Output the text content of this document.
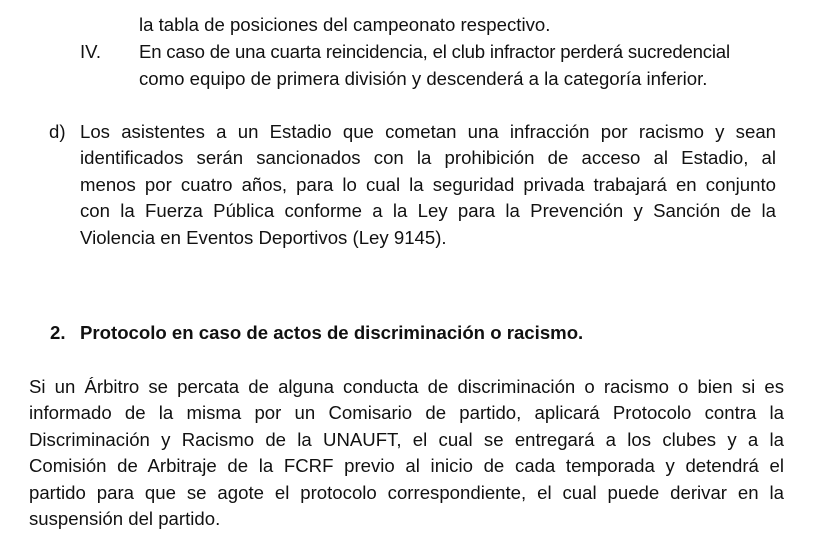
la tabla de posiciones del campeonato respectivo.
IV. En caso de una cuarta reincidencia, el club infractor perderá sucredencial
como equipo de primera división y descenderá a la categoría inferior.
d) Los asistentes a un Estadio que cometan una infracción por racismo y sean
identificados serán sancionados con la prohibición de acceso al Estadio, al
menos por cuatro años, para lo cual la seguridad privada trabajará en conjunto
con la Fuerza Pública conforme a la Ley para la Prevención y Sanción de la
Violencia en Eventos Deportivos (Ley 9145).
2. Protocolo en caso de actos de discriminación o racismo.
Si un Árbitro se percata de alguna conducta de discriminación o racismo o bien si es
informado de la misma por un Comisario de partido, aplicará Protocolo contra la
Discriminación y Racismo de la UNAUFT, el cual se entregará a los clubes y a la
Comisión de Arbitraje de la FCRF previo al inicio de cada temporada y detendrá el
partido para que se agote el protocolo correspondiente, el cual puede derivar en la
suspensión del partido.
